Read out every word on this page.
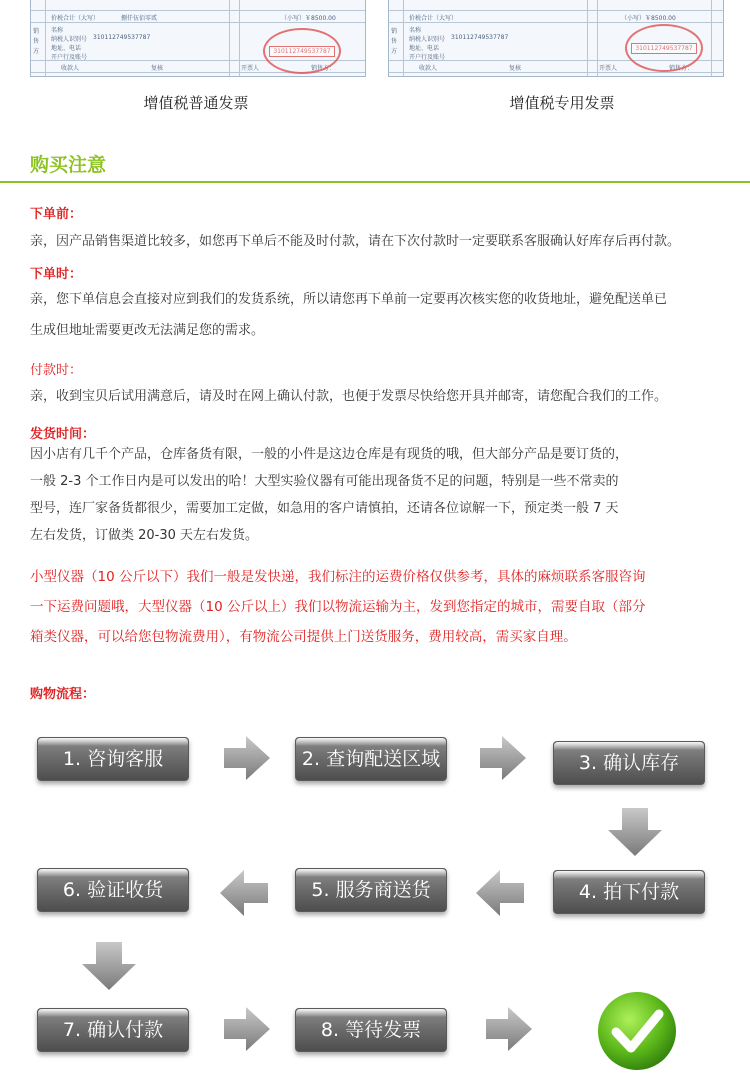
价税合计（大写）
销
售
方
名称
纳税人识别号 310112749537787
地址、电话
开户行及账号
捌仟伍佰零贰	（小写）￥8500.00
收款人	复核	开票人	销售方：
310112749537787
增值税普通发票
价税合计（大写）
销
售
方
名称
纳税人识别号 310112749537787
地址、电话
开户行及账号
（小写）￥8500.00
收款人	复核	开票人	销售方：
310112749537787
增值税专用发票
购买注意
下单前：
亲，因产品销售渠道比较多，如您再下单后不能及时付款，请在下次付款时一定要联系客服确认好库存后再付款。
下单时：
亲，您下单信息会直接对应到我们的发货系统，所以请您再下单前一定要再次核实您的收货地址，避免配送单已
生成但地址需要更改无法满足您的需求。
付款时：
亲，收到宝贝后试用满意后，请及时在网上确认付款，也便于发票尽快给您开具并邮寄，请您配合我们的工作。
发货时间：
因小店有几千个产品，仓库备货有限，一般的小件是这边仓库是有现货的哦，但大部分产品是要订货的，
一般 2-3 个工作日内是可以发出的哈！大型实验仪器有可能出现备货不足的问题，特别是一些不常卖的
型号，连厂家备货都很少，需要加工定做，如急用的客户请慎拍，还请各位谅解一下，预定类一般 7 天
左右发货，订做类 20-30 天左右发货。
小型仪器（10 公斤以下）我们一般是发快递，我们标注的运费价格仅供参考，具体的麻烦联系客服咨询
一下运费问题哦，大型仪器（10 公斤以上）我们以物流运输为主，发到您指定的城市，需要自取（部分
箱类仪器，可以给您包物流费用），有物流公司提供上门送货服务，费用较高，需买家自理。
购物流程：
1. 咨询客服	2. 查询配送区域	3. 确认库存
6. 验证收货	5. 服务商送货	4. 拍下付款
7. 确认付款	8. 等待发票
